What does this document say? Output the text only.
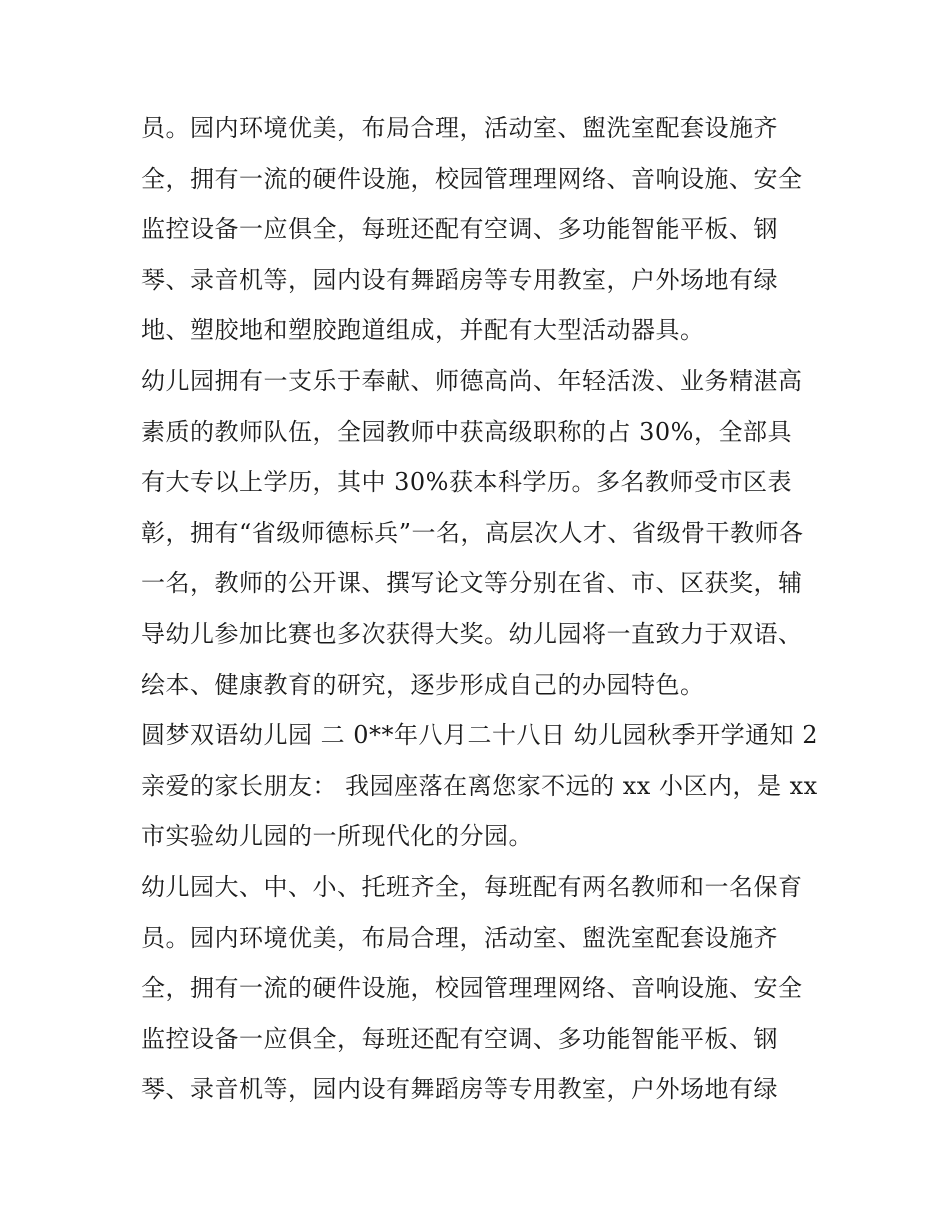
员。园内环境优美，布局合理，活动室、盥洗室配套设施齐
全，拥有一流的硬件设施，校园管理理网络、音响设施、安全
监控设备一应俱全，每班还配有空调、多功能智能平板、钢
琴、录音机等，园内设有舞蹈房等专用教室，户外场地有绿
地、塑胶地和塑胶跑道组成，并配有大型活动器具。
幼儿园拥有一支乐于奉献、师德高尚、年轻活泼、业务精湛高
素质的教师队伍，全园教师中获高级职称的占 30%，全部具
有大专以上学历，其中 30%获本科学历。多名教师受市区表
彰，拥有“省级师德标兵”一名，高层次人才、省级骨干教师各
一名，教师的公开课、撰写论文等分别在省、市、区获奖，辅
导幼儿参加比赛也多次获得大奖。幼儿园将一直致力于双语、
绘本、健康教育的研究，逐步形成自己的办园特色。
圆梦双语幼儿园 二 0**年八月二十八日 幼儿园秋季开学通知 2
亲爱的家长朋友： 我园座落在离您家不远的 xx 小区内，是 xx
市实验幼儿园的一所现代化的分园。
幼儿园大、中、小、托班齐全，每班配有两名教师和一名保育
员。园内环境优美，布局合理，活动室、盥洗室配套设施齐
全，拥有一流的硬件设施，校园管理理网络、音响设施、安全
监控设备一应俱全，每班还配有空调、多功能智能平板、钢
琴、录音机等，园内设有舞蹈房等专用教室，户外场地有绿
